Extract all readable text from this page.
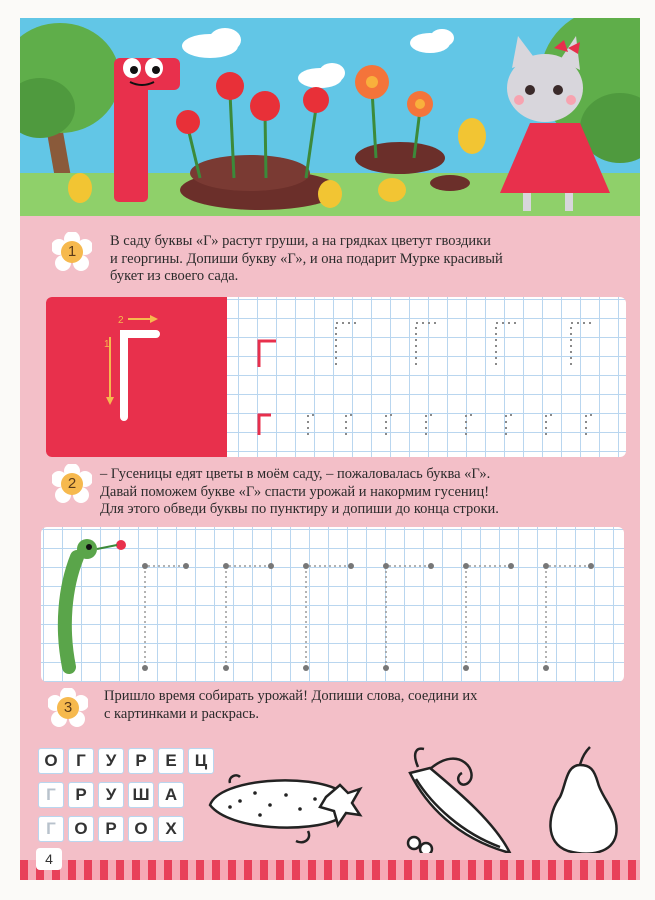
1
В саду буквы «Г» растут груши, а на грядках цветут гвоздики
и георгины. Допиши букву «Г», и она подарит Мурке красивый
букет из своего сада.
1
2
2
– Гусеницы едят цветы в моём саду, – пожаловалась буква «Г».
Давай поможем букве «Г» спасти урожай и накормим гусениц!
Для этого обведи буквы по пунктиру и допиши до конца строки.
3
Пришло время собирать урожай! Допиши слова, соедини их
с картинками и раскрась.
О	Г	У	Р	Е	Ц
Г	Р	У Ш А
Г	О	Р	О	Х
4
